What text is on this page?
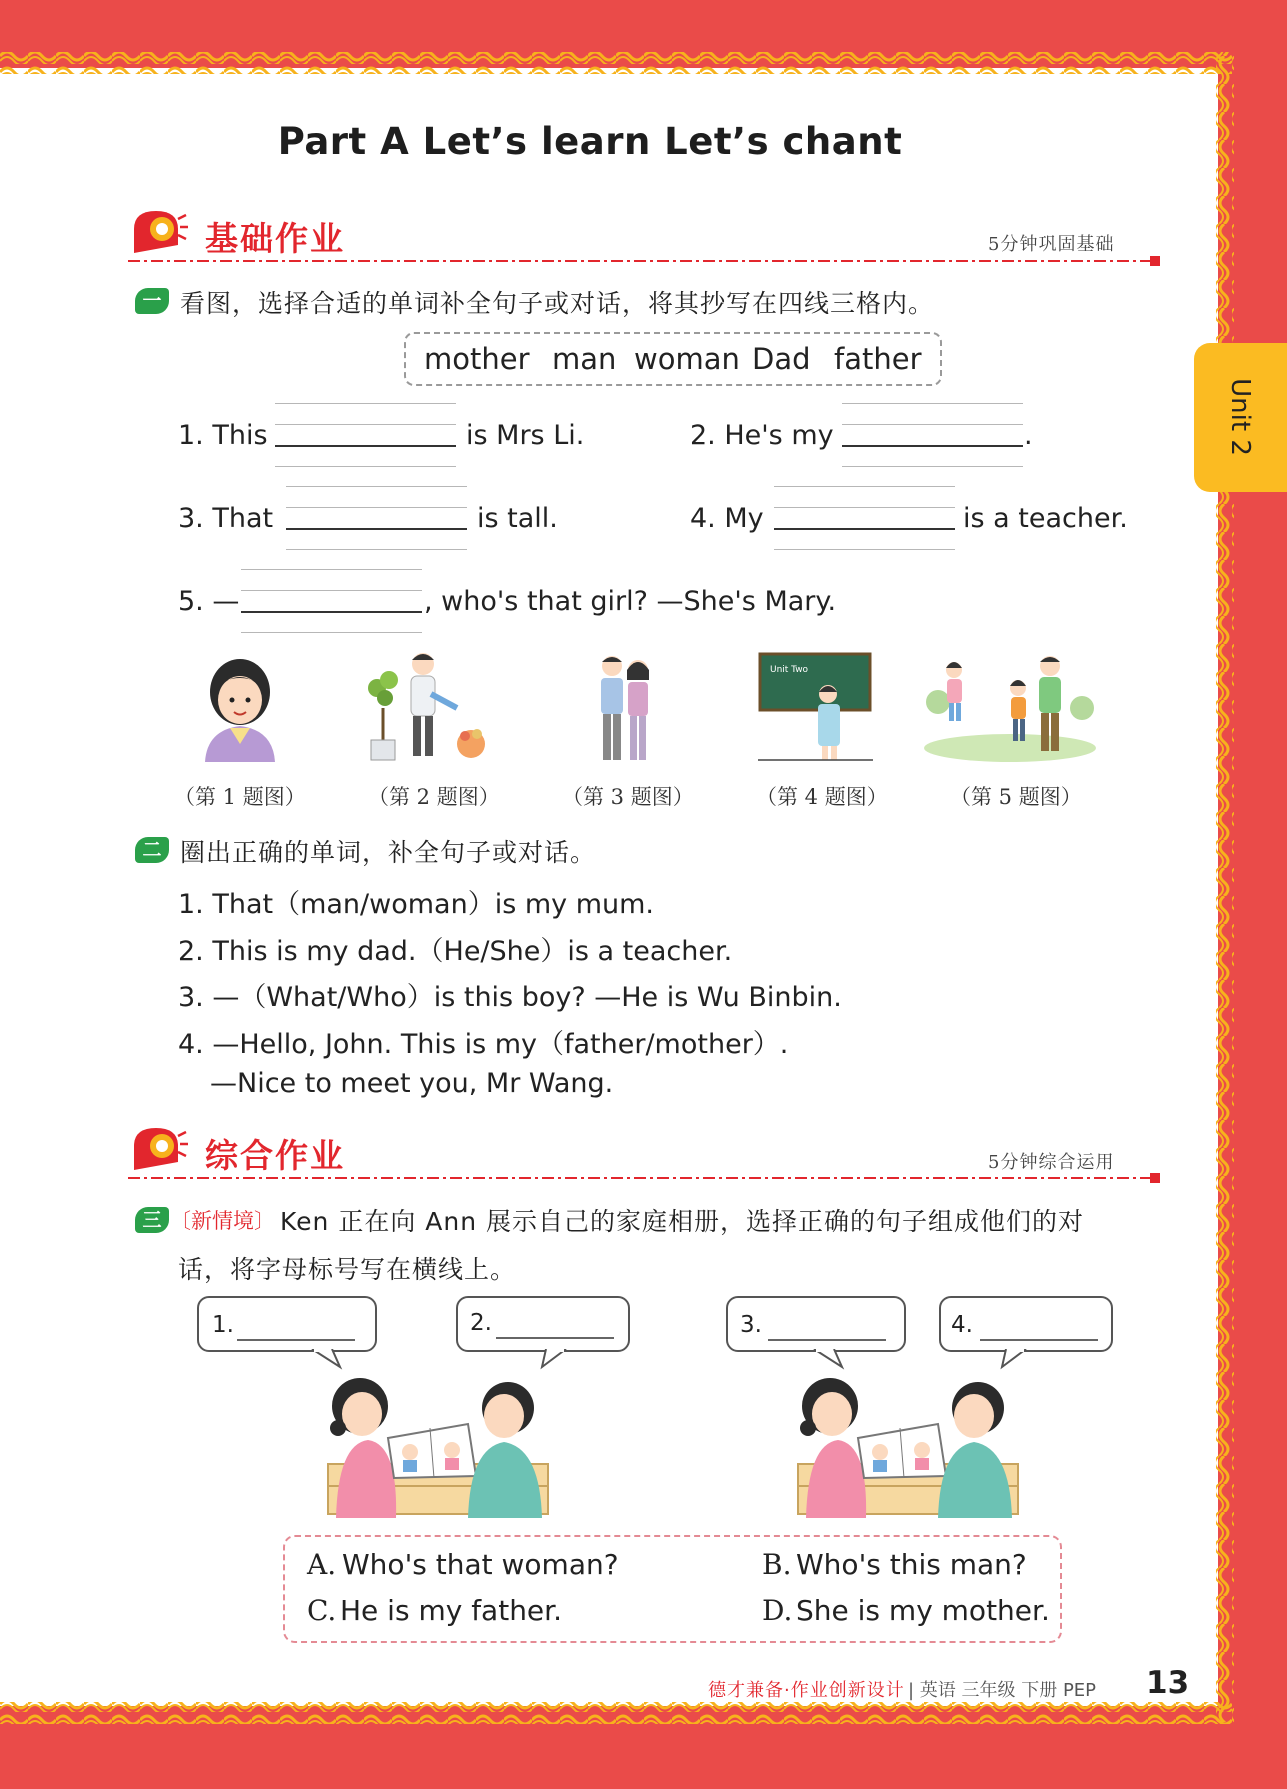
Unit 2
Part A Let’s learn Let’s chant
基础作业	5分钟巩固基础
一 看图，选择合适的单词补全句子或对话，将其抄写在四线三格内。
mother man woman Dad father
1. This	is Mrs Li.	2. He's my	.
3. That	is tall.	4. My	is a teacher.
5. —	, who's that girl? —She's Mary.
Unit Two
（第 1 题图）	（第 2 题图）	（第 3 题图）	（第 4 题图）	（第 5 题图）
二 圈出正确的单词，补全句子或对话。
1. That（man/woman）is my mum.
2. This is my dad.（He/She）is a teacher.
3. —（What/Who）is this boy? —He is Wu Binbin.
4. —Hello, John. This is my（father/mother）.
—Nice to meet you, Mr Wang.
综合作业	5分钟综合运用
三 〔新情境〕 Ken 正在向 Ann 展示自己的家庭相册，选择正确的句子组成他们的对
话，将字母标号写在横线上。
1.	2.	3.	4.
A. Who's that woman?	B. Who's this man?
C. He is my father.	D. She is my mother.
德才兼备·作业创新设计 | 英语 三年级 下册 PEP 13
